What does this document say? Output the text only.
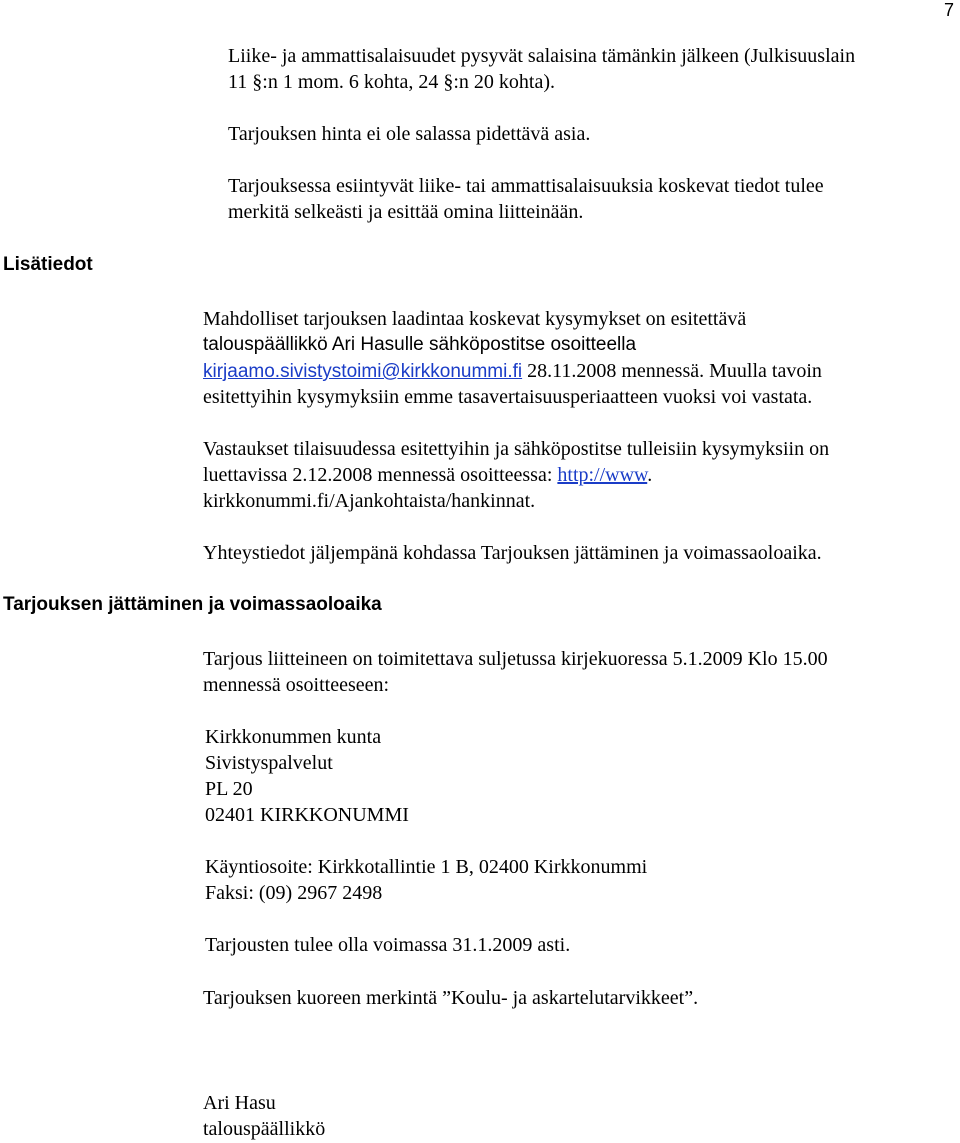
7
Liike- ja ammattisalaisuudet pysyvät salaisina tämänkin jälkeen (Julkisuuslain
11 §:n 1 mom. 6 kohta, 24 §:n 20 kohta).
Tarjouksen hinta ei ole salassa pidettävä asia.
Tarjouksessa esiintyvät liike- tai ammattisalaisuuksia koskevat tiedot tulee
merkitä selkeästi ja esittää omina liitteinään.
Lisätiedot
Mahdolliset tarjouksen laadintaa koskevat kysymykset on esitettävä
talouspäällikkö Ari Hasulle sähköpostitse osoitteella
kirjaamo.sivistystoimi@kirkkonummi.fi 28.11.2008 mennessä. Muulla tavoin
esitettyihin kysymyksiin emme tasavertaisuusperiaatteen vuoksi voi vastata.
Vastaukset tilaisuudessa esitettyihin ja sähköpostitse tulleisiin kysymyksiin on
luettavissa 2.12.2008 mennessä osoitteessa: http://www.
kirkkonummi.fi/Ajankohtaista/hankinnat.
Yhteystiedot jäljempänä kohdassa Tarjouksen jättäminen ja voimassaoloaika.
Tarjouksen jättäminen ja voimassaoloaika
Tarjous liitteineen on toimitettava suljetussa kirjekuoressa 5.1.2009 Klo 15.00
mennessä osoitteeseen:
Kirkkonummen kunta
Sivistyspalvelut
PL 20
02401 KIRKKONUMMI
Käyntiosoite: Kirkkotallintie 1 B, 02400 Kirkkonummi
Faksi: (09) 2967 2498
Tarjousten tulee olla voimassa 31.1.2009 asti.
Tarjouksen kuoreen merkintä ”Koulu- ja askartelutarvikkeet”.
Ari Hasu
talouspäällikkö
